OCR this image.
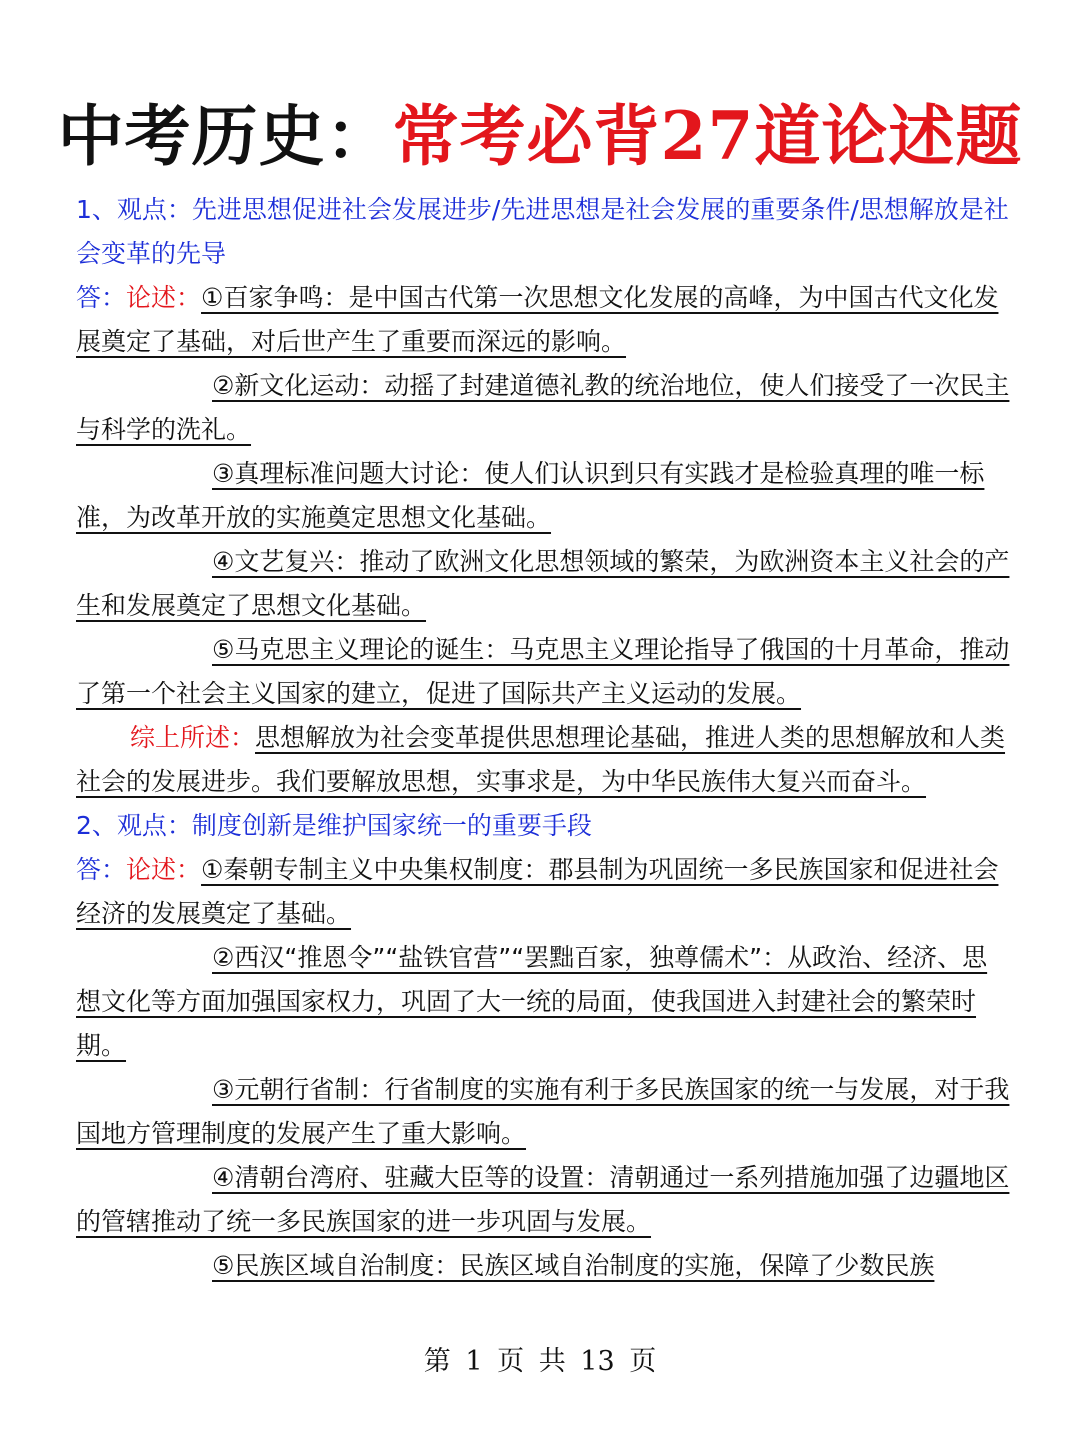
中考历史：常考必背27道论述题

1、观点：先进思想促进社会发展进步/先进思想是社会发展的重要条件/思想解放是社会变革的先导

答：论述：①百家争鸣：是中国古代第一次思想文化发展的高峰，为中国古代文化发展奠定了基础，对后世产生了重要而深远的影响。

②新文化运动：动摇了封建道德礼教的统治地位，使人们接受了一次民主与科学的洗礼。

③真理标准问题大讨论：使人们认识到只有实践才是检验真理的唯一标准，为改革开放的实施奠定思想文化基础。

④文艺复兴：推动了欧洲文化思想领域的繁荣，为欧洲资本主义社会的产生和发展奠定了思想文化基础。

⑤马克思主义理论的诞生：马克思主义理论指导了俄国的十月革命，推动了第一个社会主义国家的建立，促进了国际共产主义运动的发展。

综上所述：思想解放为社会变革提供思想理论基础，推进人类的思想解放和人类社会的发展进步。我们要解放思想，实事求是，为中华民族伟大复兴而奋斗。

2、观点：制度创新是维护国家统一的重要手段

答：论述：①秦朝专制主义中央集权制度：郡县制为巩固统一多民族国家和促进社会经济的发展奠定了基础。

②西汉“推恩令”“盐铁官营”“罢黜百家，独尊儒术”：从政治、经济、思想文化等方面加强国家权力，巩固了大一统的局面，使我国进入封建社会的繁荣时期。

③元朝行省制：行省制度的实施有利于多民族国家的统一与发展，对于我国地方管理制度的发展产生了重大影响。

④清朝台湾府、驻藏大臣等的设置：清朝通过一系列措施加强了边疆地区的管辖推动了统一多民族国家的进一步巩固与发展。

⑤民族区域自治制度：民族区域自治制度的实施，保障了少数民族

第 1 页 共 13 页
